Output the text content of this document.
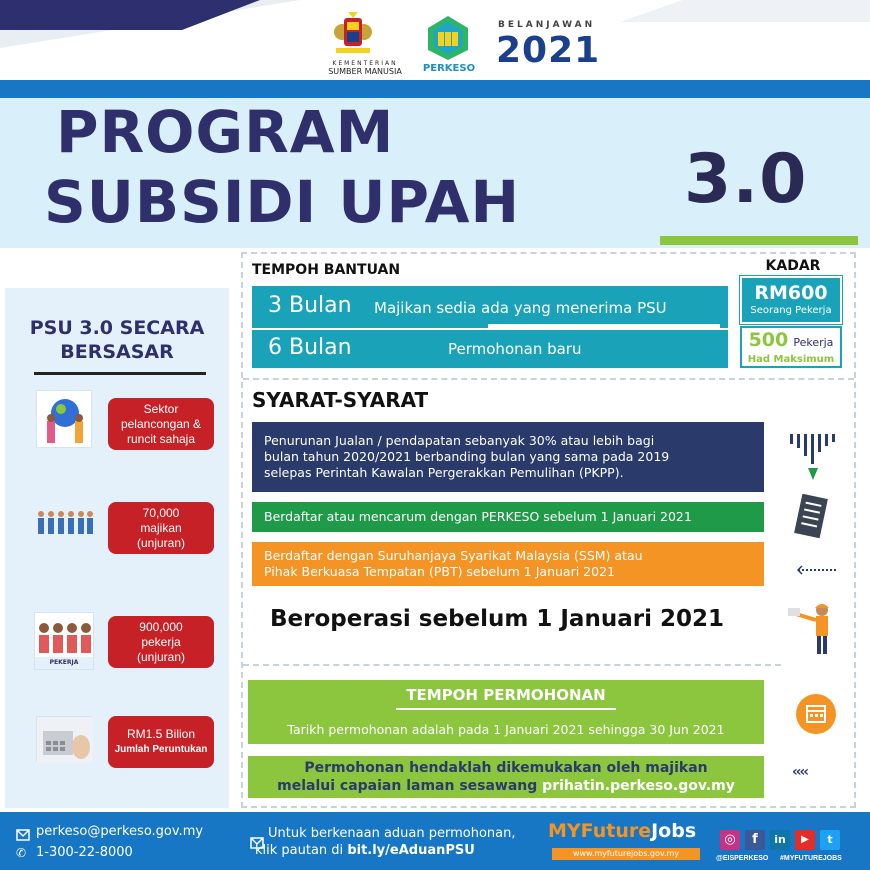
KEMENTERIAN
SUMBER MANUSIA	PERKESO
BELANJAWAN
2021
PROGRAM
SUBSIDI UPAH 3.0
PSU 3.0 SECARA
BERSASAR
Sektor
pelancongan &
runcit sahaja
70,000
majikan
(unjuran)
PEKERJA
900,000
pekerja
(unjuran)
RM1.5 Bilion
Jumlah Peruntukan
TEMPOH BANTUAN
3 Bulan Majikan sedia ada yang menerima PSU
6 Bulan	Permohonan baru
KADAR
RM600
Seorang Pekerja
500 Pekerja
Had Maksimum
SYARAT-SYARAT
Penurunan Jualan / pendapatan sebanyak 30% atau lebih bagi
bulan tahun 2020/2021 berbanding bulan yang sama pada 2019
selepas Perintah Kawalan Pergerakkan Pemulihan (PKPP).
Berdaftar atau mencarum dengan PERKESO sebelum 1 Januari 2021
Berdaftar dengan Suruhanjaya Syarikat Malaysia (SSM) atau
Pihak Berkuasa Tempatan (PBT) sebelum 1 Januari 2021
Beroperasi sebelum 1 Januari 2021
TEMPOH PERMOHONAN
Tarikh permohonan adalah pada 1 Januari 2021 sehingga 30 Jun 2021
Permohonan hendaklah dikemukakan oleh majikan
melalui capaian laman sesawang prihatin.perkeso.gov.my
‹‹‹‹
perkeso@perkeso.gov.my
✆ 1-300-22-8000
Untuk berkenaan aduan permohonan,
klik pautan di bit.ly/eAduanPSU
MYFutureJobs
www.myfuturejobs.gov.my
◎	f	in	▶	t
@EISPERKESO #MYFUTUREJOBS
